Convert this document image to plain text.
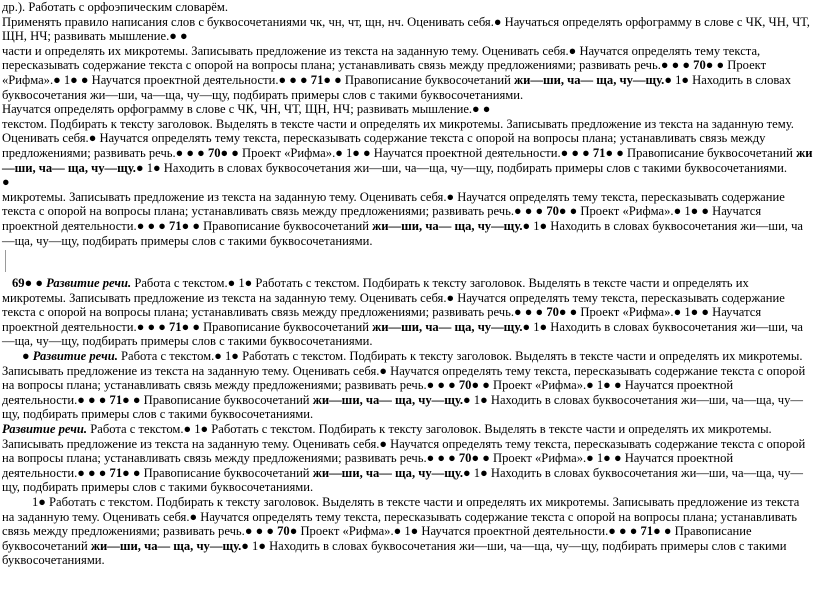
др.). Работать с орфоэпическим словарём.

Применять правило написания слов с буквосочетаниями чк, чн, чт, щн, нч. Оценивать себя.● Научаться определять орфограмму в слове с ЧК, ЧН, ЧТ, ЩН, НЧ; развивать мышление.● ●

части и определять их микротемы. Записывать предложение из текста на заданную тему. Оценивать себя.● Научатся определять тему текста, пересказывать содержание текста с опорой на вопросы плана; устанавливать связь между предложениями; развивать речь.● ● ● 70● ● Проект «Рифма».● 1● ● Научатся проектной деятельности.● ● ● 71● ● Правописание буквосочетаний жи—ши, ча— ща, чу—щу.● 1● Находить в словах буквосочетания жи—ши, ча—ща, чу—щу, подбирать примеры слов с такими буквосочетаниями.

Научатся определять орфограмму в слове с ЧК, ЧН, ЧТ, ЩН, НЧ; развивать мышление.● ●

текстом. Подбирать к тексту заголовок. Выделять в тексте части и определять их микротемы. Записывать предложение из текста на заданную тему. Оценивать себя.● Научатся определять тему текста, пересказывать содержание текста с опорой на вопросы плана; устанавливать связь между предложениями; развивать речь.● ● ● 70● ● Проект «Рифма».● 1● ● Научатся проектной деятельности.● ● ● 71● ● Правописание буквосочетаний жи—ши, ча— ща, чу—щу.● 1● Находить в словах буквосочетания жи—ши, ча—ща, чу—щу, подбирать примеры слов с такими буквосочетаниями.

●

микротемы. Записывать предложение из текста на заданную тему. Оценивать себя.● Научатся определять тему текста, пересказывать содержание текста с опорой на вопросы плана; устанавливать связь между предложениями; развивать речь.● ● ● 70● ● Проект «Рифма».● 1● ● Научатся проектной деятельности.● ● ● 71● ● Правописание буквосочетаний жи—ши, ча— ща, чу—щу.● 1● Находить в словах буквосочетания жи—ши, ча—ща, чу—щу, подбирать примеры слов с такими буквосочетаниями.

69● ● Развитие речи. Работа с текстом.● 1● Работать с текстом. Подбирать к тексту заголовок. Выделять в тексте части и определять их микротемы. Записывать предложение из текста на заданную тему. Оценивать себя.● Научатся определять тему текста, пересказывать содержание текста с опорой на вопросы плана; устанавливать связь между предложениями; развивать речь.● ● ● 70● ● Проект «Рифма».● 1● ● Научатся проектной деятельности.● ● ● 71● ● Правописание буквосочетаний жи—ши, ча— ща, чу—щу.● 1● Находить в словах буквосочетания жи—ши, ча—ща, чу—щу, подбирать примеры слов с такими буквосочетаниями.

● Развитие речи. Работа с текстом.● 1● Работать с текстом. Подбирать к тексту заголовок. Выделять в тексте части и определять их микротемы. Записывать предложение из текста на заданную тему. Оценивать себя.● Научатся определять тему текста, пересказывать содержание текста с опорой на вопросы плана; устанавливать связь между предложениями; развивать речь.● ● ● 70● ● Проект «Рифма».● 1● ● Научатся проектной деятельности.● ● ● 71● ● Правописание буквосочетаний жи—ши, ча— ща, чу—щу.● 1● Находить в словах буквосочетания жи—ши, ча—ща, чу—щу, подбирать примеры слов с такими буквосочетаниями.

Развитие речи. Работа с текстом.● 1● Работать с текстом. Подбирать к тексту заголовок. Выделять в тексте части и определять их микротемы. Записывать предложение из текста на заданную тему. Оценивать себя.● Научатся определять тему текста, пересказывать содержание текста с опорой на вопросы плана; устанавливать связь между предложениями; развивать речь.● ● ● 70● ● Проект «Рифма».● 1● ● Научатся проектной деятельности.● ● ● 71● ● Правописание буквосочетаний жи—ши, ча— ща, чу—щу.● 1● Находить в словах буквосочетания жи—ши, ча—ща, чу—щу, подбирать примеры слов с такими буквосочетаниями.

1● Работать с текстом. Подбирать к тексту заголовок. Выделять в тексте части и определять их микротемы. Записывать предложение из текста на заданную тему. Оценивать себя.● Научатся определять тему текста, пересказывать содержание текста с опорой на вопросы плана; устанавливать связь между предложениями; развивать речь.● ● ● 70● Проект «Рифма».● 1● Научатся проектной деятельности.● ● ● 71● ● Правописание буквосочетаний жи—ши, ча— ща, чу—щу.● 1● Находить в словах буквосочетания жи—ши, ча—ща, чу—щу, подбирать примеры слов с такими буквосочетаниями.
